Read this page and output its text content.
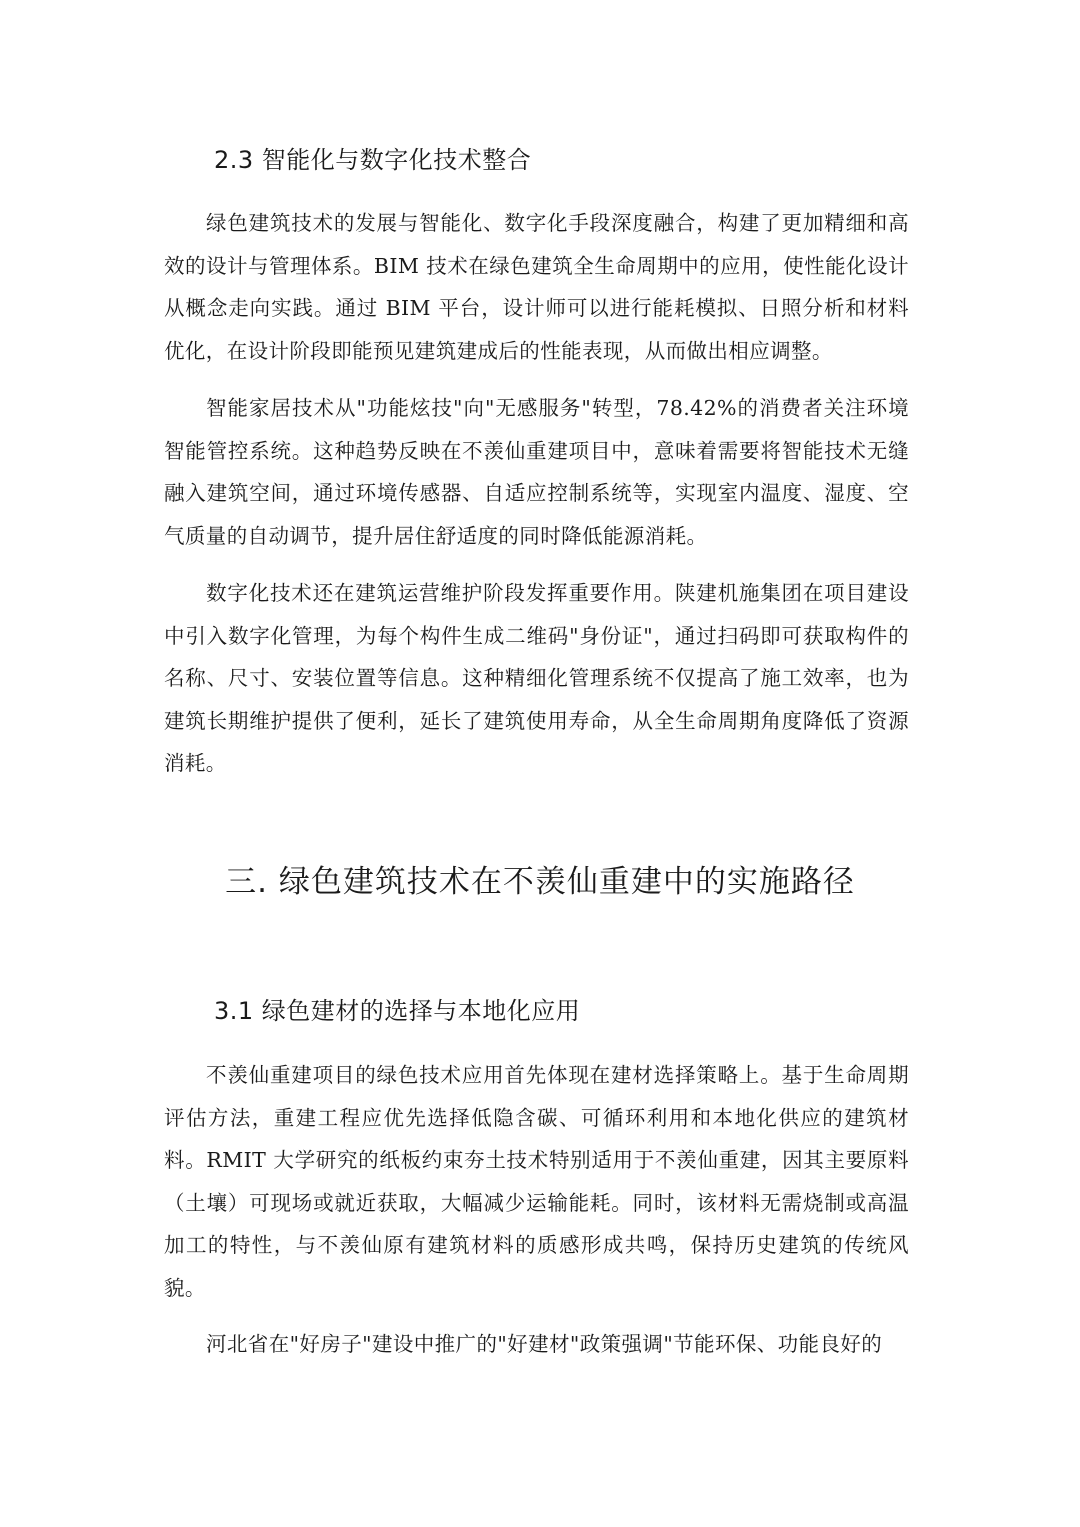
2.3 智能化与数字化技术整合

绿色建筑技术的发展与智能化、数字化手段深度融合，构建了更加精细和高效的设计与管理体系。BIM 技术在绿色建筑全生命周期中的应用，使性能化设计从概念走向实践。通过 BIM 平台，设计师可以进行能耗模拟、日照分析和材料优化，在设计阶段即能预见建筑建成后的性能表现，从而做出相应调整。

智能家居技术从"功能炫技"向"无感服务"转型，78.42%的消费者关注环境智能管控系统。这种趋势反映在不羡仙重建项目中，意味着需要将智能技术无缝融入建筑空间，通过环境传感器、自适应控制系统等，实现室内温度、湿度、空气质量的自动调节，提升居住舒适度的同时降低能源消耗。

数字化技术还在建筑运营维护阶段发挥重要作用。陕建机施集团在项目建设中引入数字化管理，为每个构件生成二维码"身份证"，通过扫码即可获取构件的名称、尺寸、安装位置等信息。这种精细化管理系统不仅提高了施工效率，也为建筑长期维护提供了便利，延长了建筑使用寿命，从全生命周期角度降低了资源消耗。

三. 绿色建筑技术在不羡仙重建中的实施路径
3.1 绿色建材的选择与本地化应用

不羡仙重建项目的绿色技术应用首先体现在建材选择策略上。基于生命周期评估方法，重建工程应优先选择低隐含碳、可循环利用和本地化供应的建筑材料。RMIT 大学研究的纸板约束夯土技术特别适用于不羡仙重建，因其主要原料（土壤）可现场或就近获取，大幅减少运输能耗。同时，该材料无需烧制或高温加工的特性，与不羡仙原有建筑材料的质感形成共鸣，保持历史建筑的传统风貌。

河北省在"好房子"建设中推广的"好建材"政策强调"节能环保、功能良好的
